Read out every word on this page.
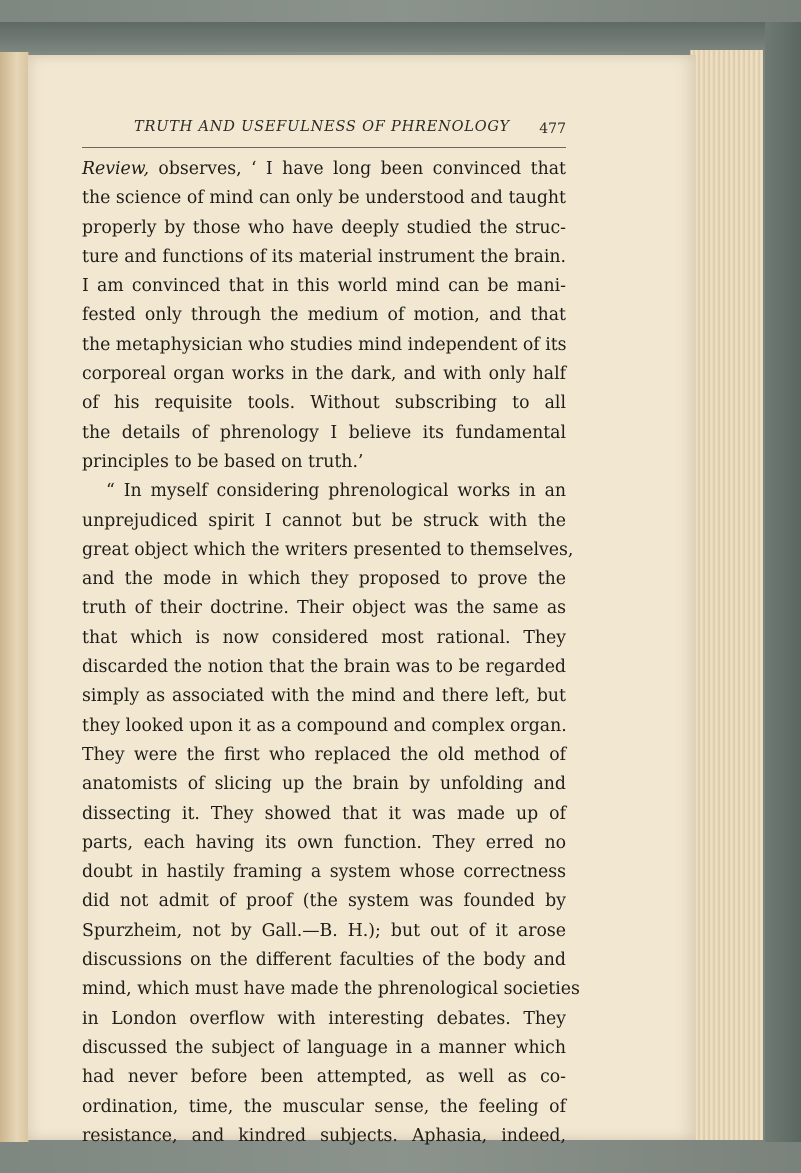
TRUTH AND USEFULNESS OF PHRENOLOGY 477
Review, observes, ‘ I have long been convinced that
the science of mind can only be understood and taught
properly by those who have deeply studied the struc-
ture and functions of its material instrument the brain.
I am convinced that in this world mind can be mani-
fested only through the medium of motion, and that
the metaphysician who studies mind independent of its
corporeal organ works in the dark, and with only half
of his requisite tools. Without subscribing to all
the details of phrenology I believe its fundamental
principles to be based on truth.’
“ In myself considering phrenological works in an
unprejudiced spirit I cannot but be struck with the
great object which the writers presented to themselves,
and the mode in which they proposed to prove the
truth of their doctrine. Their object was the same as
that which is now considered most rational. They
discarded the notion that the brain was to be regarded
simply as associated with the mind and there left, but
they looked upon it as a compound and complex organ.
They were the first who replaced the old method of
anatomists of slicing up the brain by unfolding and
dissecting it. They showed that it was made up of
parts, each having its own function. They erred no
doubt in hastily framing a system whose correctness
did not admit of proof (the system was founded by
Spurzheim, not by Gall.—B. H.); but out of it arose
discussions on the different faculties of the body and
mind, which must have made the phrenological societies
in London overflow with interesting debates. They
discussed the subject of language in a manner which
had never before been attempted, as well as co-
ordination, time, the muscular sense, the feeling of
resistance, and kindred subjects. Aphasia, indeed,
